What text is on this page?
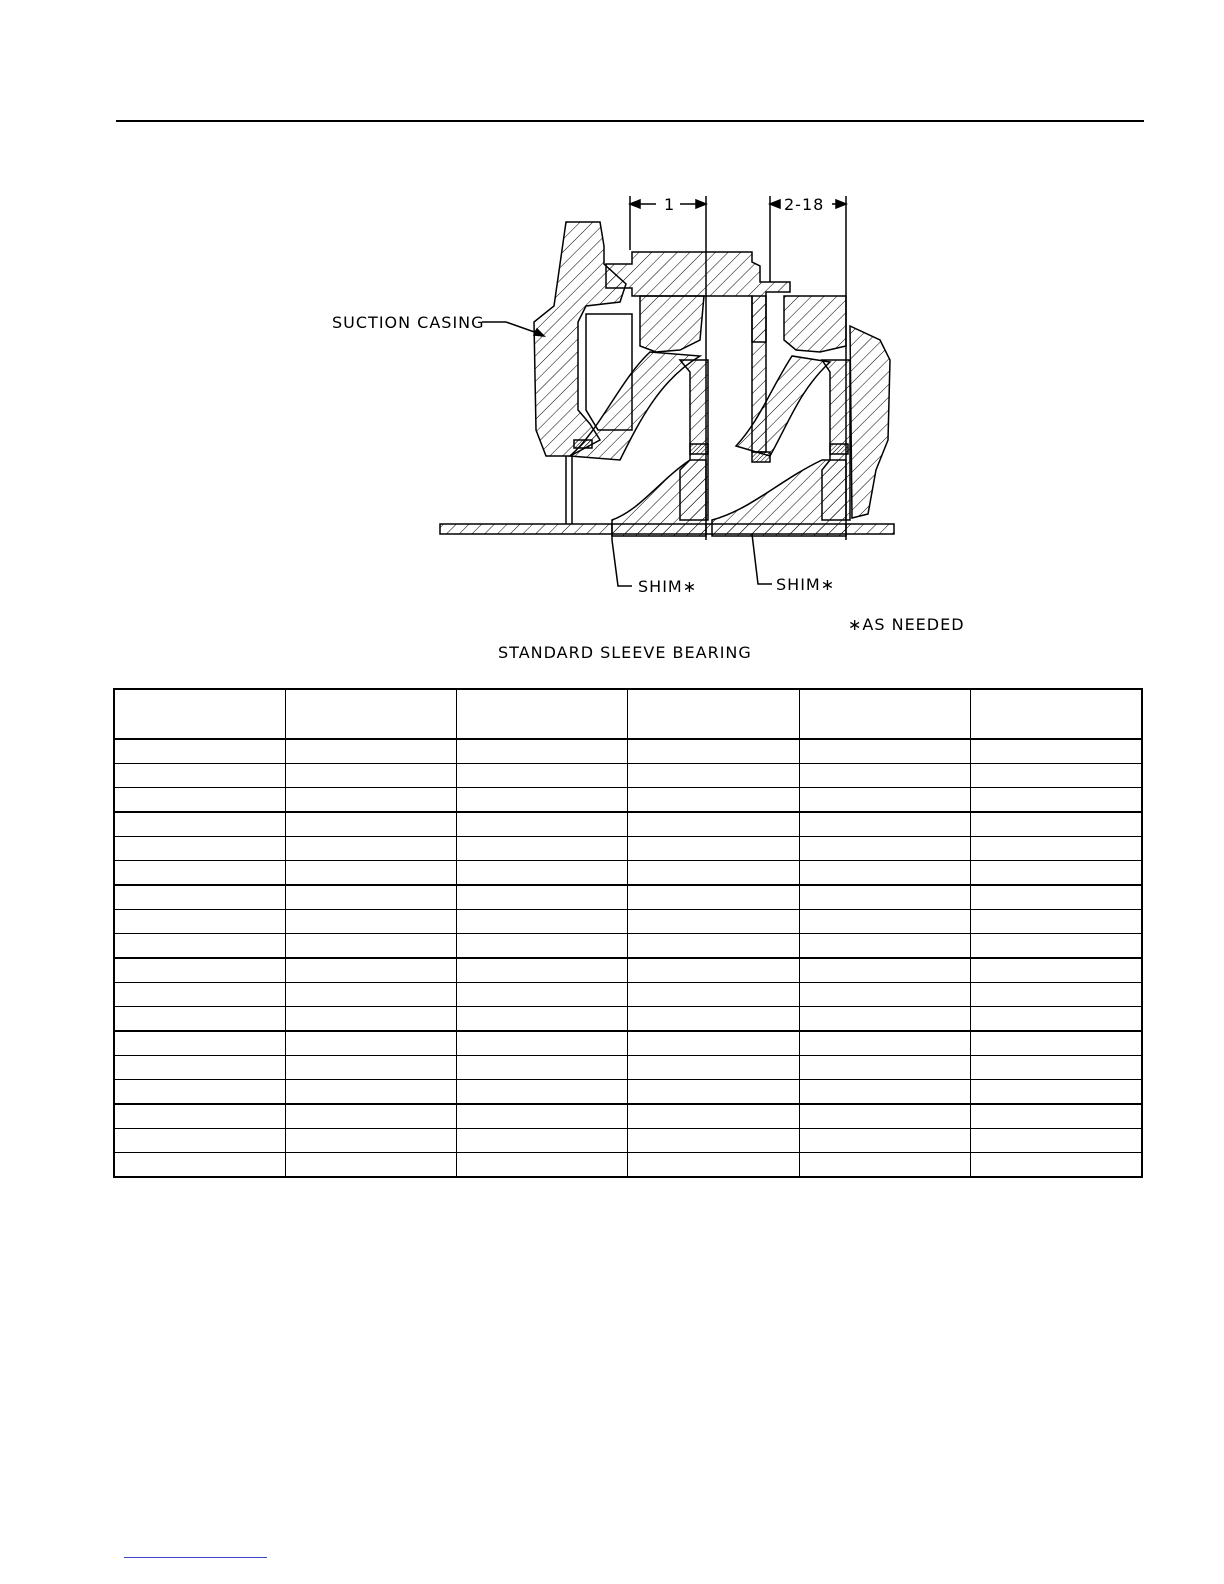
1	2-18
SUCTION CASING
SHIM∗	SHIM∗
∗AS NEEDED
STANDARD SLEEVE BEARING
